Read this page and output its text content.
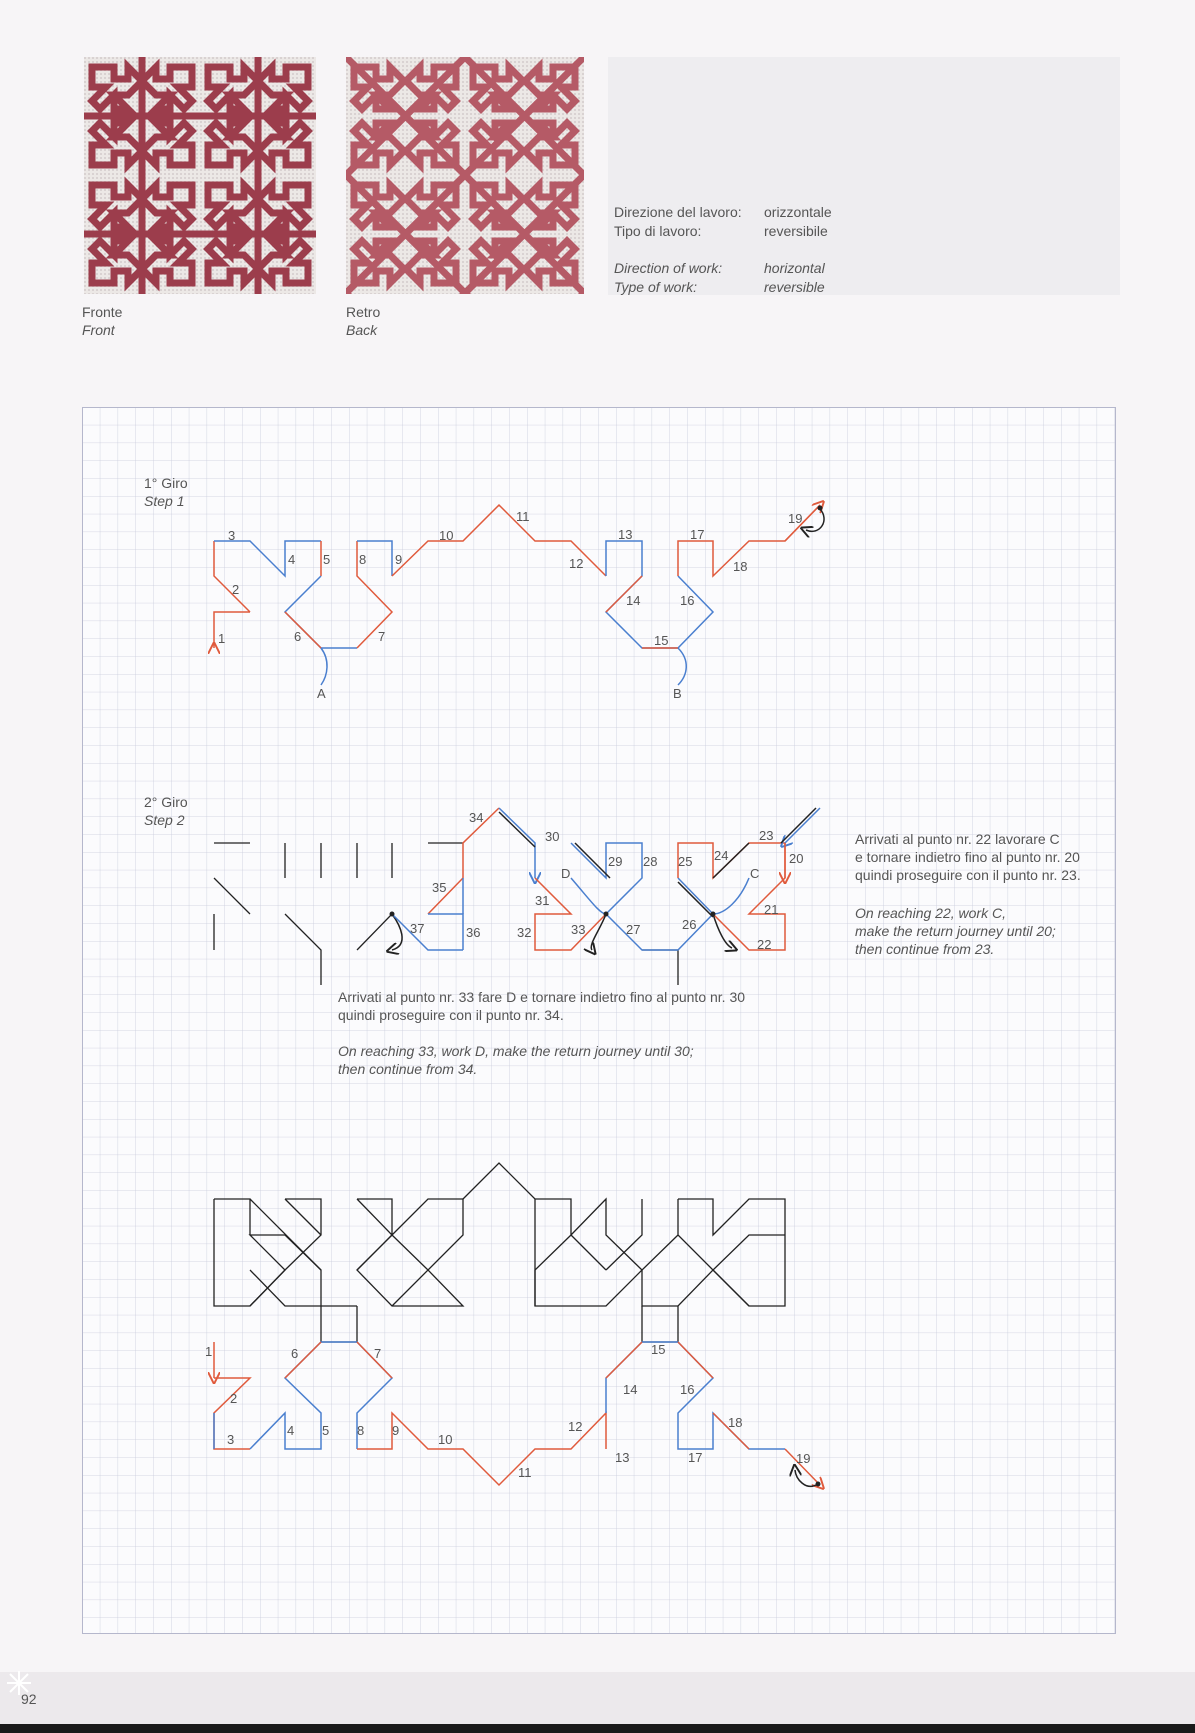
Fronte
Front
Retro
Back
Direzione del lavoro: orizzontale
Tipo di lavoro:	reversibile
Direction of work:	horizontal
Type of work:	reversible
1
2
3
4 5
6	7
8 9
10
11
12
13
14
15
16
17
18
19
A	B
20
21
22
23
24
25
26
27
28
29
30
31
32	33
34
35
36
37
C
D
1
2
3
4 5
6	7
8 9
10
11
12
13
14
15
16
17
18
19
1° Giro
Step 1
2° Giro
Step 2

Arrivati al punto nr. 22 lavorare C

e tornare indietro fino al punto nr. 20

quindi proseguire con il punto nr. 23.

On reaching 22, work C,

make the return journey until 20;

then continue from 23.

Arrivati al punto nr. 33 fare D e tornare indietro fino al punto nr. 30

quindi proseguire con il punto nr. 34.

On reaching 33, work D, make the return journey until 30;

then continue from 34.

92
